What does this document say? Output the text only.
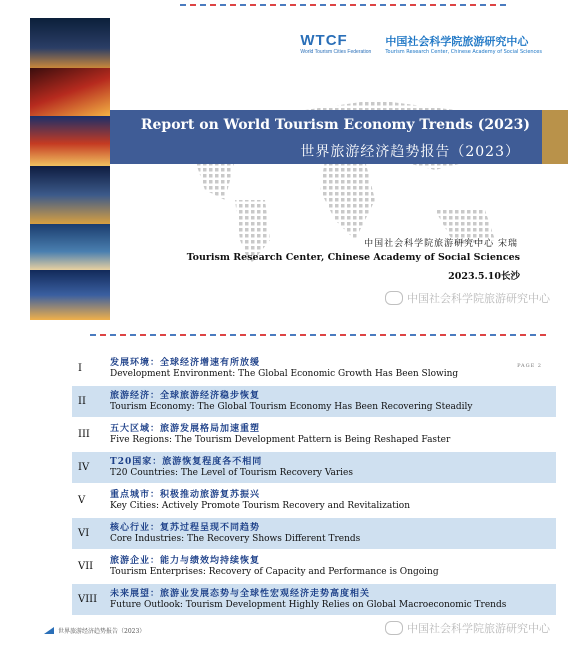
WTCF
World Tourism Cities Federation
中国社会科学院旅游研究中心
Tourism Research Center, Chinese Academy of Social Sciences
Report on World Tourism Economy Trends (2023)
世界旅游经济趋势报告（2023）
中国社会科学院旅游研究中心 宋瑞
Tourism Research Center, Chinese Academy of Social Sciences
2023.5.10长沙
中国社会科学院旅游研究中心
I	发展环境：全球经济增速有所放缓
Development Environment: The Global Economic Growth Has Been Slowing
PAGE 2
II	旅游经济：全球旅游经济稳步恢复
Tourism Economy: The Global Tourism Economy Has Been Recovering Steadily
III	五大区域：旅游发展格局加速重塑
Five Regions: The Tourism Development Pattern is Being Reshaped Faster
IV	T20国家：旅游恢复程度各不相同
T20 Countries: The Level of Tourism Recovery Varies
V	重点城市：积极推动旅游复苏振兴
Key Cities: Actively Promote Tourism Recovery and Revitalization
VI	核心行业：复苏过程呈现不同趋势
Core Industries: The Recovery Shows Different Trends
VII	旅游企业：能力与绩效均持续恢复
Tourism Enterprises: Recovery of Capacity and Performance is Ongoing
VIII	未来展望：旅游业发展态势与全球性宏观经济走势高度相关
Future Outlook: Tourism Development Highly Relies on Global Macroeconomic Trends
世界旅游经济趋势报告（2023）	中国社会科学院旅游研究中心
